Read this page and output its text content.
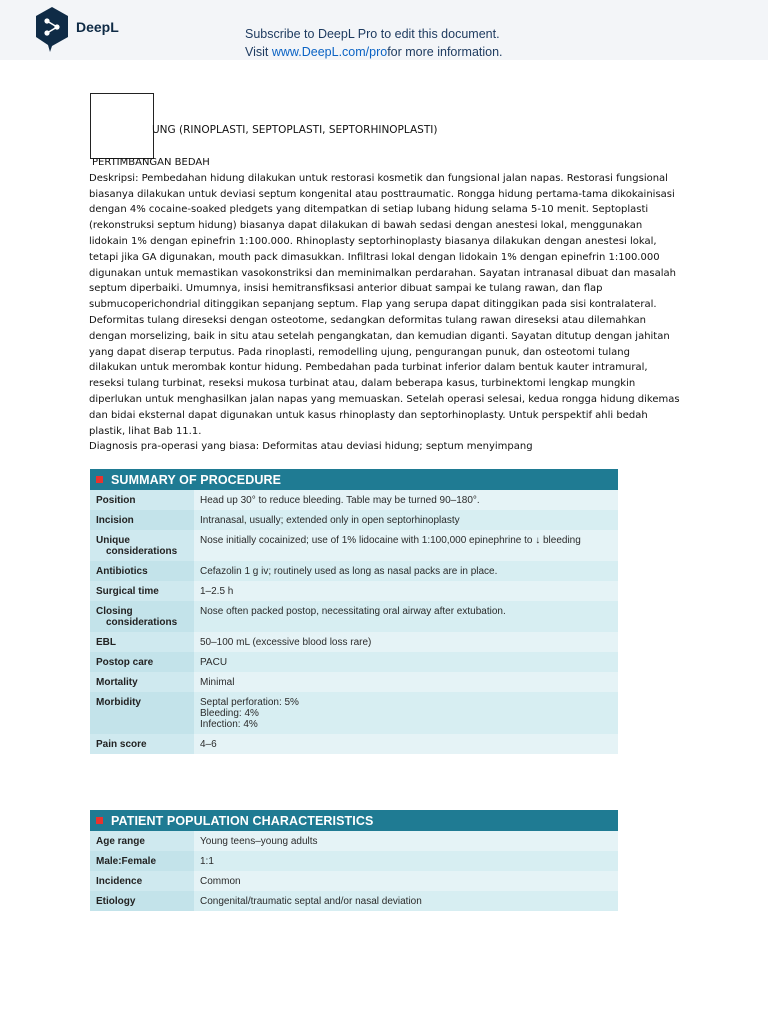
DeepL	Subscribe to DeepL Pro to edit this document.
Visit www.DeepL.com/profor more information.
UNG (RINOPLASTI, SEPTOPLASTI, SEPTORHINOPLASTI)

PERTIMBANGAN BEDAH

Deskripsi: Pembedahan hidung dilakukan untuk restorasi kosmetik dan fungsional jalan napas. Restorasi fungsional biasanya dilakukan untuk deviasi septum kongenital atau posttraumatic. Rongga hidung pertama-tama dikokainisasi dengan 4% cocaine-soaked pledgets yang ditempatkan di setiap lubang hidung selama 5-10 menit. Septoplasti (rekonstruksi septum hidung) biasanya dapat dilakukan di bawah sedasi dengan anestesi lokal, menggunakan lidokain 1% dengan epinefrin 1:100.000. Rhinoplasty septorhinoplasty biasanya dilakukan dengan anestesi lokal, tetapi jika GA digunakan, mouth pack dimasukkan. Infiltrasi lokal dengan lidokain 1% dengan epinefrin 1:100.000 digunakan untuk memastikan vasokonstriksi dan meminimalkan perdarahan. Sayatan intranasal dibuat dan masalah septum diperbaiki. Umumnya, insisi hemitransfiksasi anterior dibuat sampai ke tulang rawan, dan flap submucoperichondrial ditinggikan sepanjang septum. Flap yang serupa dapat ditinggikan pada sisi kontralateral. Deformitas tulang direseksi dengan osteotome, sedangkan deformitas tulang rawan direseksi atau dilemahkan dengan morselizing, baik in situ atau setelah pengangkatan, dan kemudian diganti. Sayatan ditutup dengan jahitan yang dapat diserap terputus. Pada rinoplasti, remodelling ujung, pengurangan punuk, dan osteotomi tulang dilakukan untuk merombak kontur hidung. Pembedahan pada turbinat inferior dalam bentuk kauter intramural, reseksi tulang turbinat, reseksi mukosa turbinat atau, dalam beberapa kasus, turbinektomi lengkap mungkin diperlukan untuk menghasilkan jalan napas yang memuaskan. Setelah operasi selesai, kedua rongga hidung dikemas dan bidai eksternal dapat digunakan untuk kasus rhinoplasty dan septorhinoplasty. Untuk perspektif ahli bedah plastik, lihat Bab 11.1.

Diagnosis pra-operasi yang biasa: Deformitas atau deviasi hidung; septum menyimpang

SUMMARY OF PROCEDURE	
Position	Head up 30° to reduce bleeding. Table may be turned 90–180°.
Incision	Intranasal, usually; extended only in open septorhinoplasty
Unique
considerations	Nose initially cocainized; use of 1% lidocaine with 1:100,000 epinephrine to ↓ bleeding
Antibiotics	Cefazolin 1 g iv; routinely used as long as nasal packs are in place.
Surgical time	1–2.5 h
Closing
considerations	Nose often packed postop, necessitating oral airway after extubation.
EBL	50–100 mL (excessive blood loss rare)
Postop care	PACU
Mortality	Minimal
Morbidity	Septal perforation: 5%
Bleeding: 4%
Infection: 4%

Pain score	4–6
PATIENT POPULATION CHARACTERISTICS	
Age range	Young teens–young adults
Male:Female	1:1
Incidence	Common
Etiology	Congenital/traumatic septal and/or nasal deviation
